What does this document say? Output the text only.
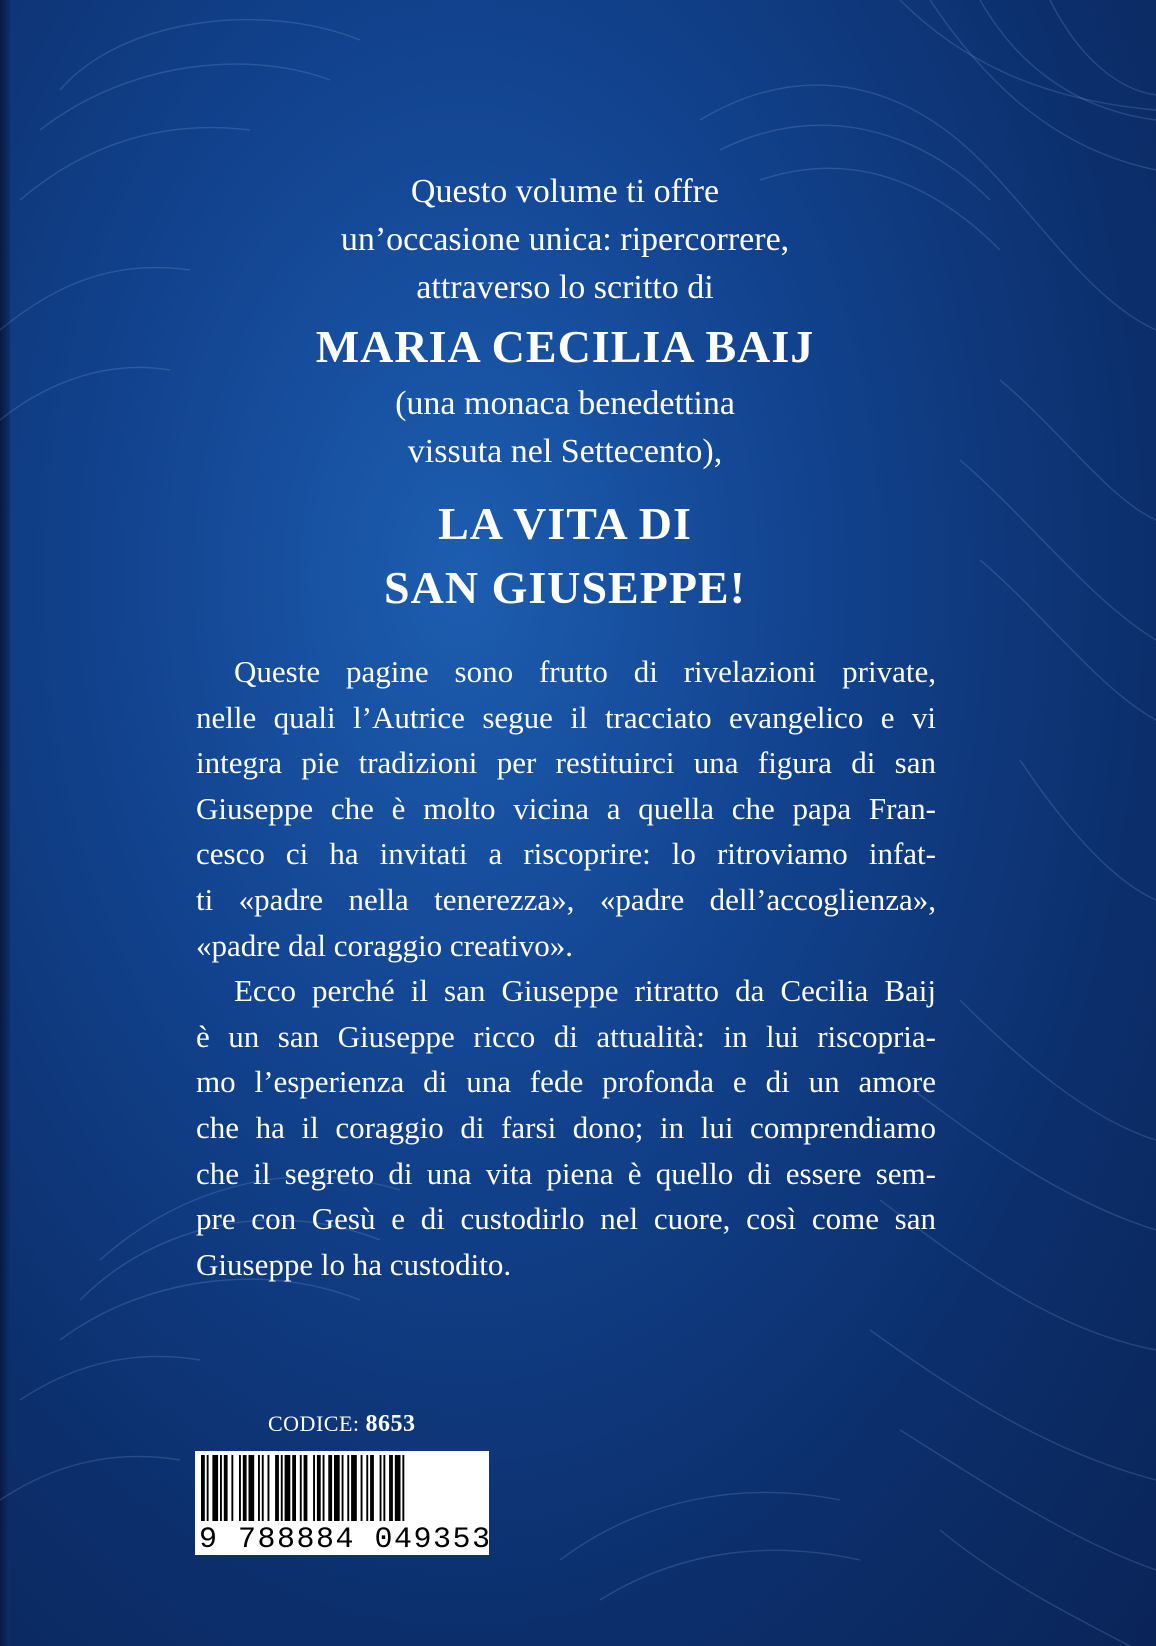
Questo volume ti offre
un’occasione unica: ripercorrere,
attraverso lo scritto di
MARIA CECILIA BAIJ
(una monaca benedettina
vissuta nel Settecento),
LA VITA DI
SAN GIUSEPPE!
Queste pagine sono frutto di rivelazioni private,
nelle quali l’Autrice segue il tracciato evangelico e vi
integra pie tradizioni per restituirci una figura di san
Giuseppe che è molto vicina a quella che papa Fran-
cesco ci ha invitati a riscoprire: lo ritroviamo infat-
ti «padre nella tenerezza», «padre dell’accoglienza»,
«padre dal coraggio creativo».
Ecco perché il san Giuseppe ritratto da Cecilia Baij
è un san Giuseppe ricco di attualità: in lui riscopria-
mo l’esperienza di una fede profonda e di un amore
che ha il coraggio di farsi dono; in lui comprendiamo
che il segreto di una vita piena è quello di essere sem-
pre con Gesù e di custodirlo nel cuore, così come san
Giuseppe lo ha custodito.
CODICE: 8653
9 788884 049353
